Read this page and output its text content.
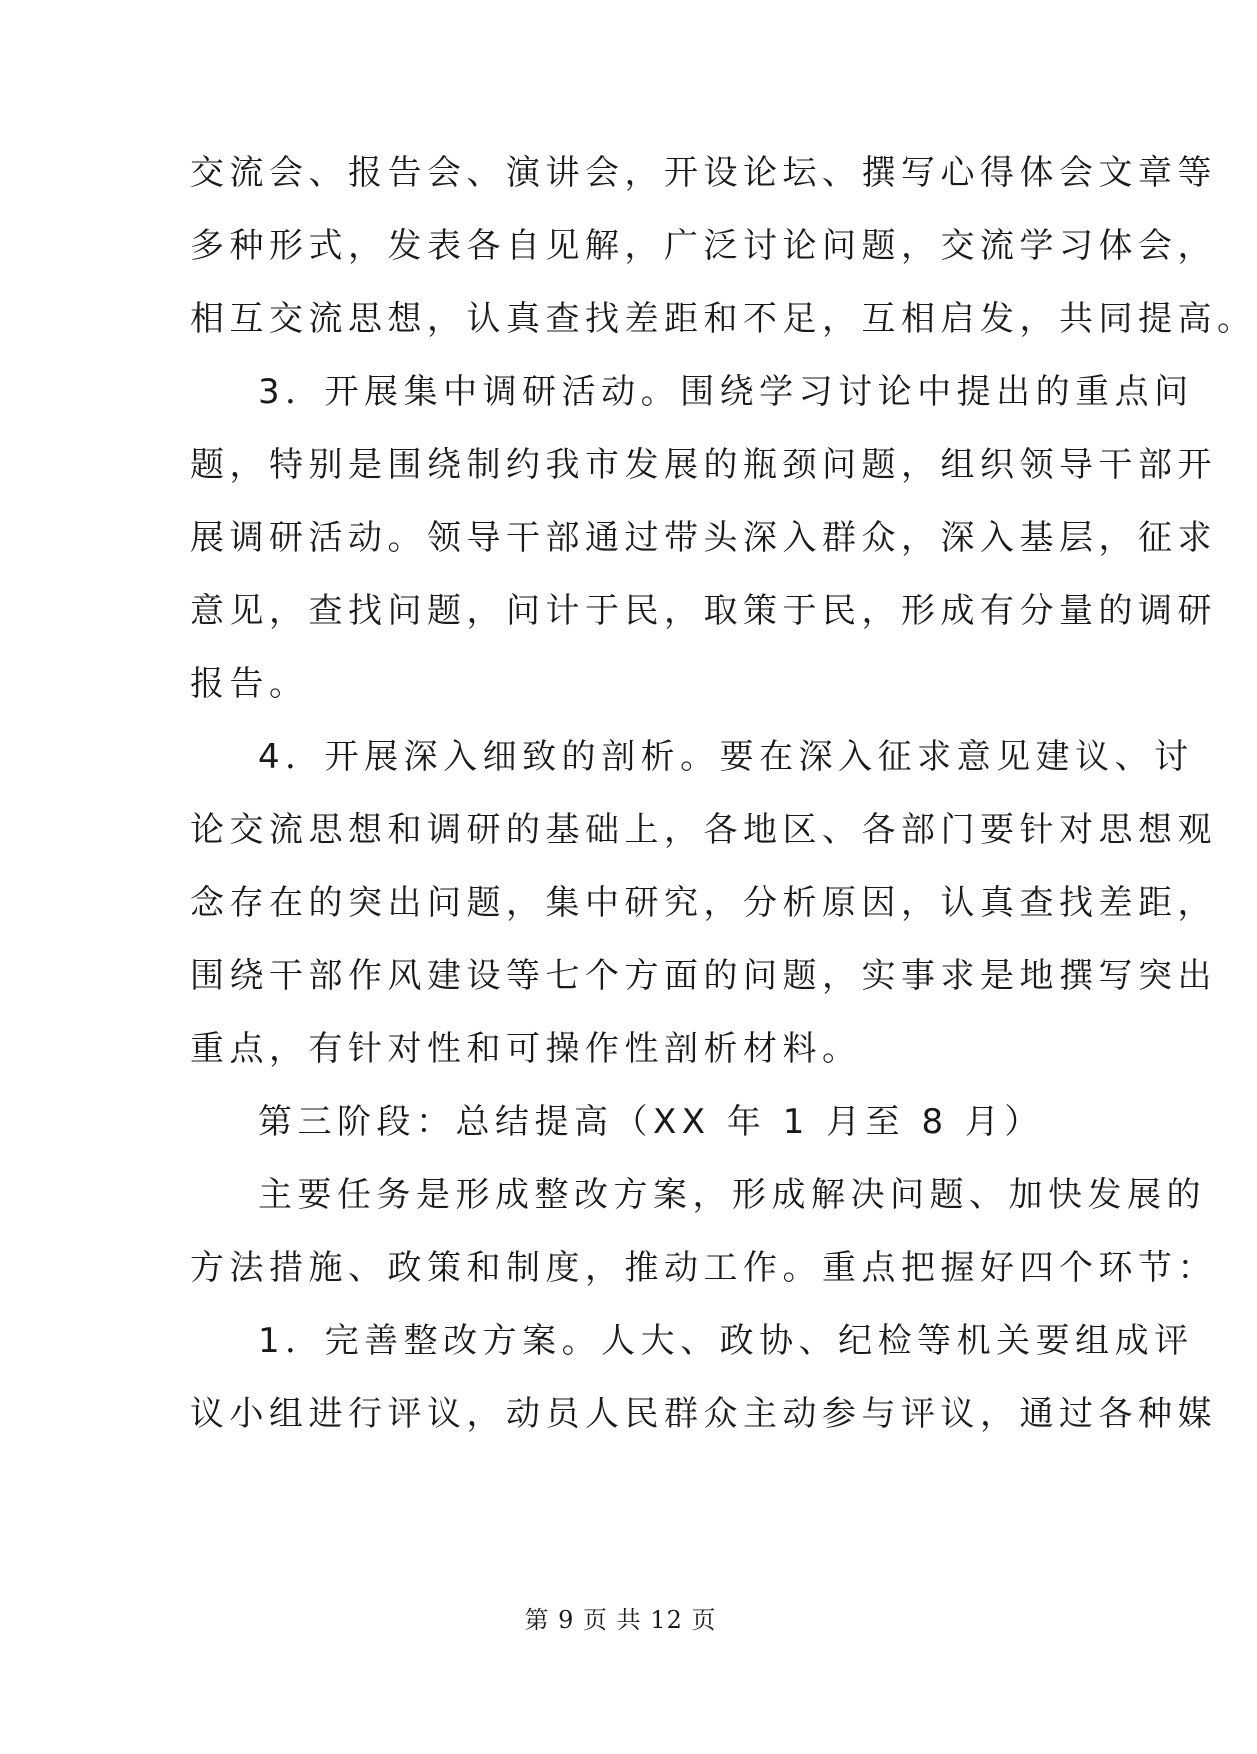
交流会、报告会、演讲会，开设论坛、撰写心得体会文章等
多种形式，发表各自见解，广泛讨论问题，交流学习体会，
相互交流思想，认真查找差距和不足，互相启发，共同提高。
3．开展集中调研活动。围绕学习讨论中提出的重点问
题，特别是围绕制约我市发展的瓶颈问题，组织领导干部开
展调研活动。领导干部通过带头深入群众，深入基层，征求
意见，查找问题，问计于民，取策于民，形成有分量的调研
报告。
4．开展深入细致的剖析。要在深入征求意见建议、讨
论交流思想和调研的基础上，各地区、各部门要针对思想观
念存在的突出问题，集中研究，分析原因，认真查找差距，
围绕干部作风建设等七个方面的问题，实事求是地撰写突出
重点，有针对性和可操作性剖析材料。
第三阶段：总结提高（XX 年 1 月至 8 月）
主要任务是形成整改方案，形成解决问题、加快发展的
方法措施、政策和制度，推动工作。重点把握好四个环节：
1．完善整改方案。人大、政协、纪检等机关要组成评
议小组进行评议，动员人民群众主动参与评议，通过各种媒
第 9 页 共 12 页
